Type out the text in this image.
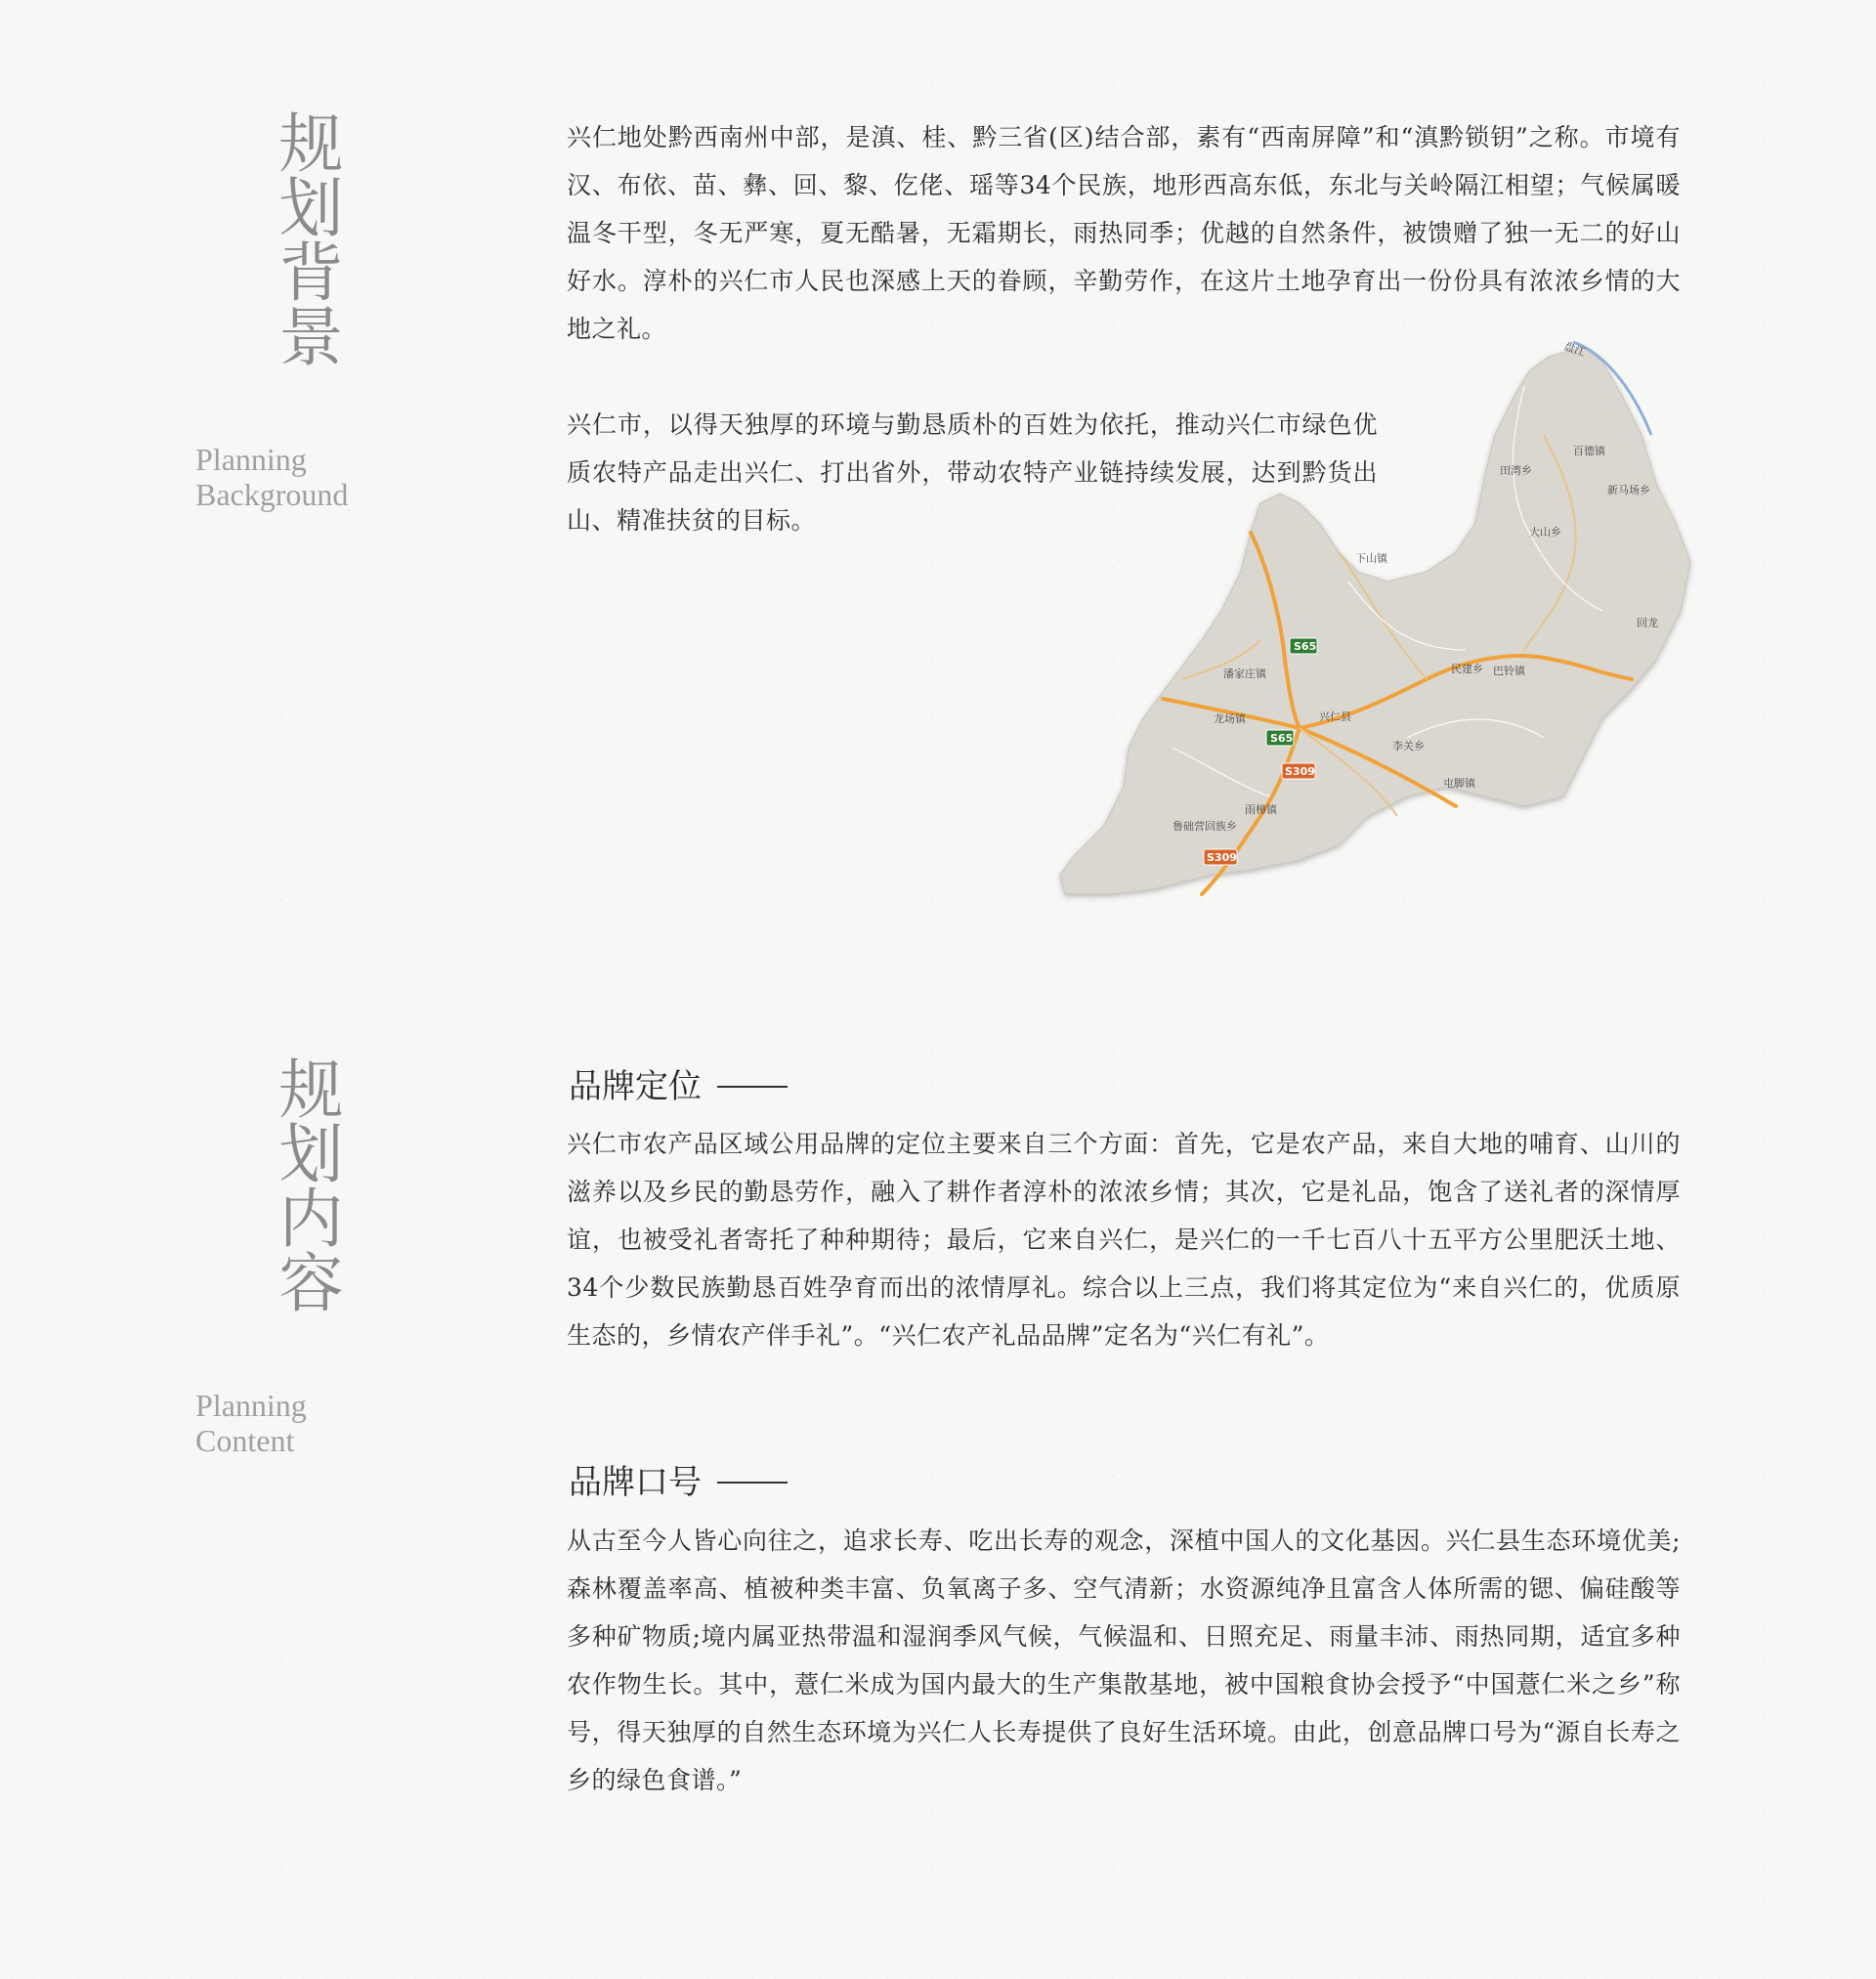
规划背景
Planning
Background

兴仁地处黔西南州中部，是滇、桂、黔三省(区)结合部，素有“西南屏障”和“滇黔锁钥”之称。市境有汉、布依、苗、彝、回、黎、仡佬、瑶等34个民族，地形西高东低，东北与关岭隔江相望；气候属暖温冬干型，冬无严寒，夏无酷暑，无霜期长，雨热同季；优越的自然条件，被馈赠了独一无二的好山好水。淳朴的兴仁市人民也深感上天的眷顾，辛勤劳作，在这片土地孕育出一份份具有浓浓乡情的大地之礼。

兴仁市，以得天独厚的环境与勤恳质朴的百姓为依托，推动兴仁市绿色优质农特产品走出兴仁、打出省外，带动农特产业链持续发展，达到黔货出山、精准扶贫的目标。

盘江
百德镇
田湾乡
新马场乡
大山乡
下山镇
回龙
民建乡 巴铃镇
潘家庄镇
兴仁县
龙场镇
李关乡
屯脚镇
雨樟镇
鲁础营回族乡
S65
S65
S309
S309
规划内容
Planning
Content
品牌定位

兴仁市农产品区域公用品牌的定位主要来自三个方面：首先，它是农产品，来自大地的哺育、山川的滋养以及乡民的勤恳劳作，融入了耕作者淳朴的浓浓乡情；其次，它是礼品，饱含了送礼者的深情厚谊，也被受礼者寄托了种种期待；最后，它来自兴仁，是兴仁的一千七百八十五平方公里肥沃土地、34个少数民族勤恳百姓孕育而出的浓情厚礼。综合以上三点，我们将其定位为“来自兴仁的，优质原生态的，乡情农产伴手礼”。“兴仁农产礼品品牌”定名为“兴仁有礼”。

品牌口号

从古至今人皆心向往之，追求长寿、吃出长寿的观念，深植中国人的文化基因。兴仁县生态环境优美;森林覆盖率高、植被种类丰富、负氧离子多、空气清新；水资源纯净且富含人体所需的锶、偏硅酸等多种矿物质;境内属亚热带温和湿润季风气候，气候温和、日照充足、雨量丰沛、雨热同期，适宜多种农作物生长。其中，薏仁米成为国内最大的生产集散基地，被中国粮食协会授予“中国薏仁米之乡”称号，得天独厚的自然生态环境为兴仁人长寿提供了良好生活环境。由此，创意品牌口号为“源自长寿之乡的绿色食谱。”
